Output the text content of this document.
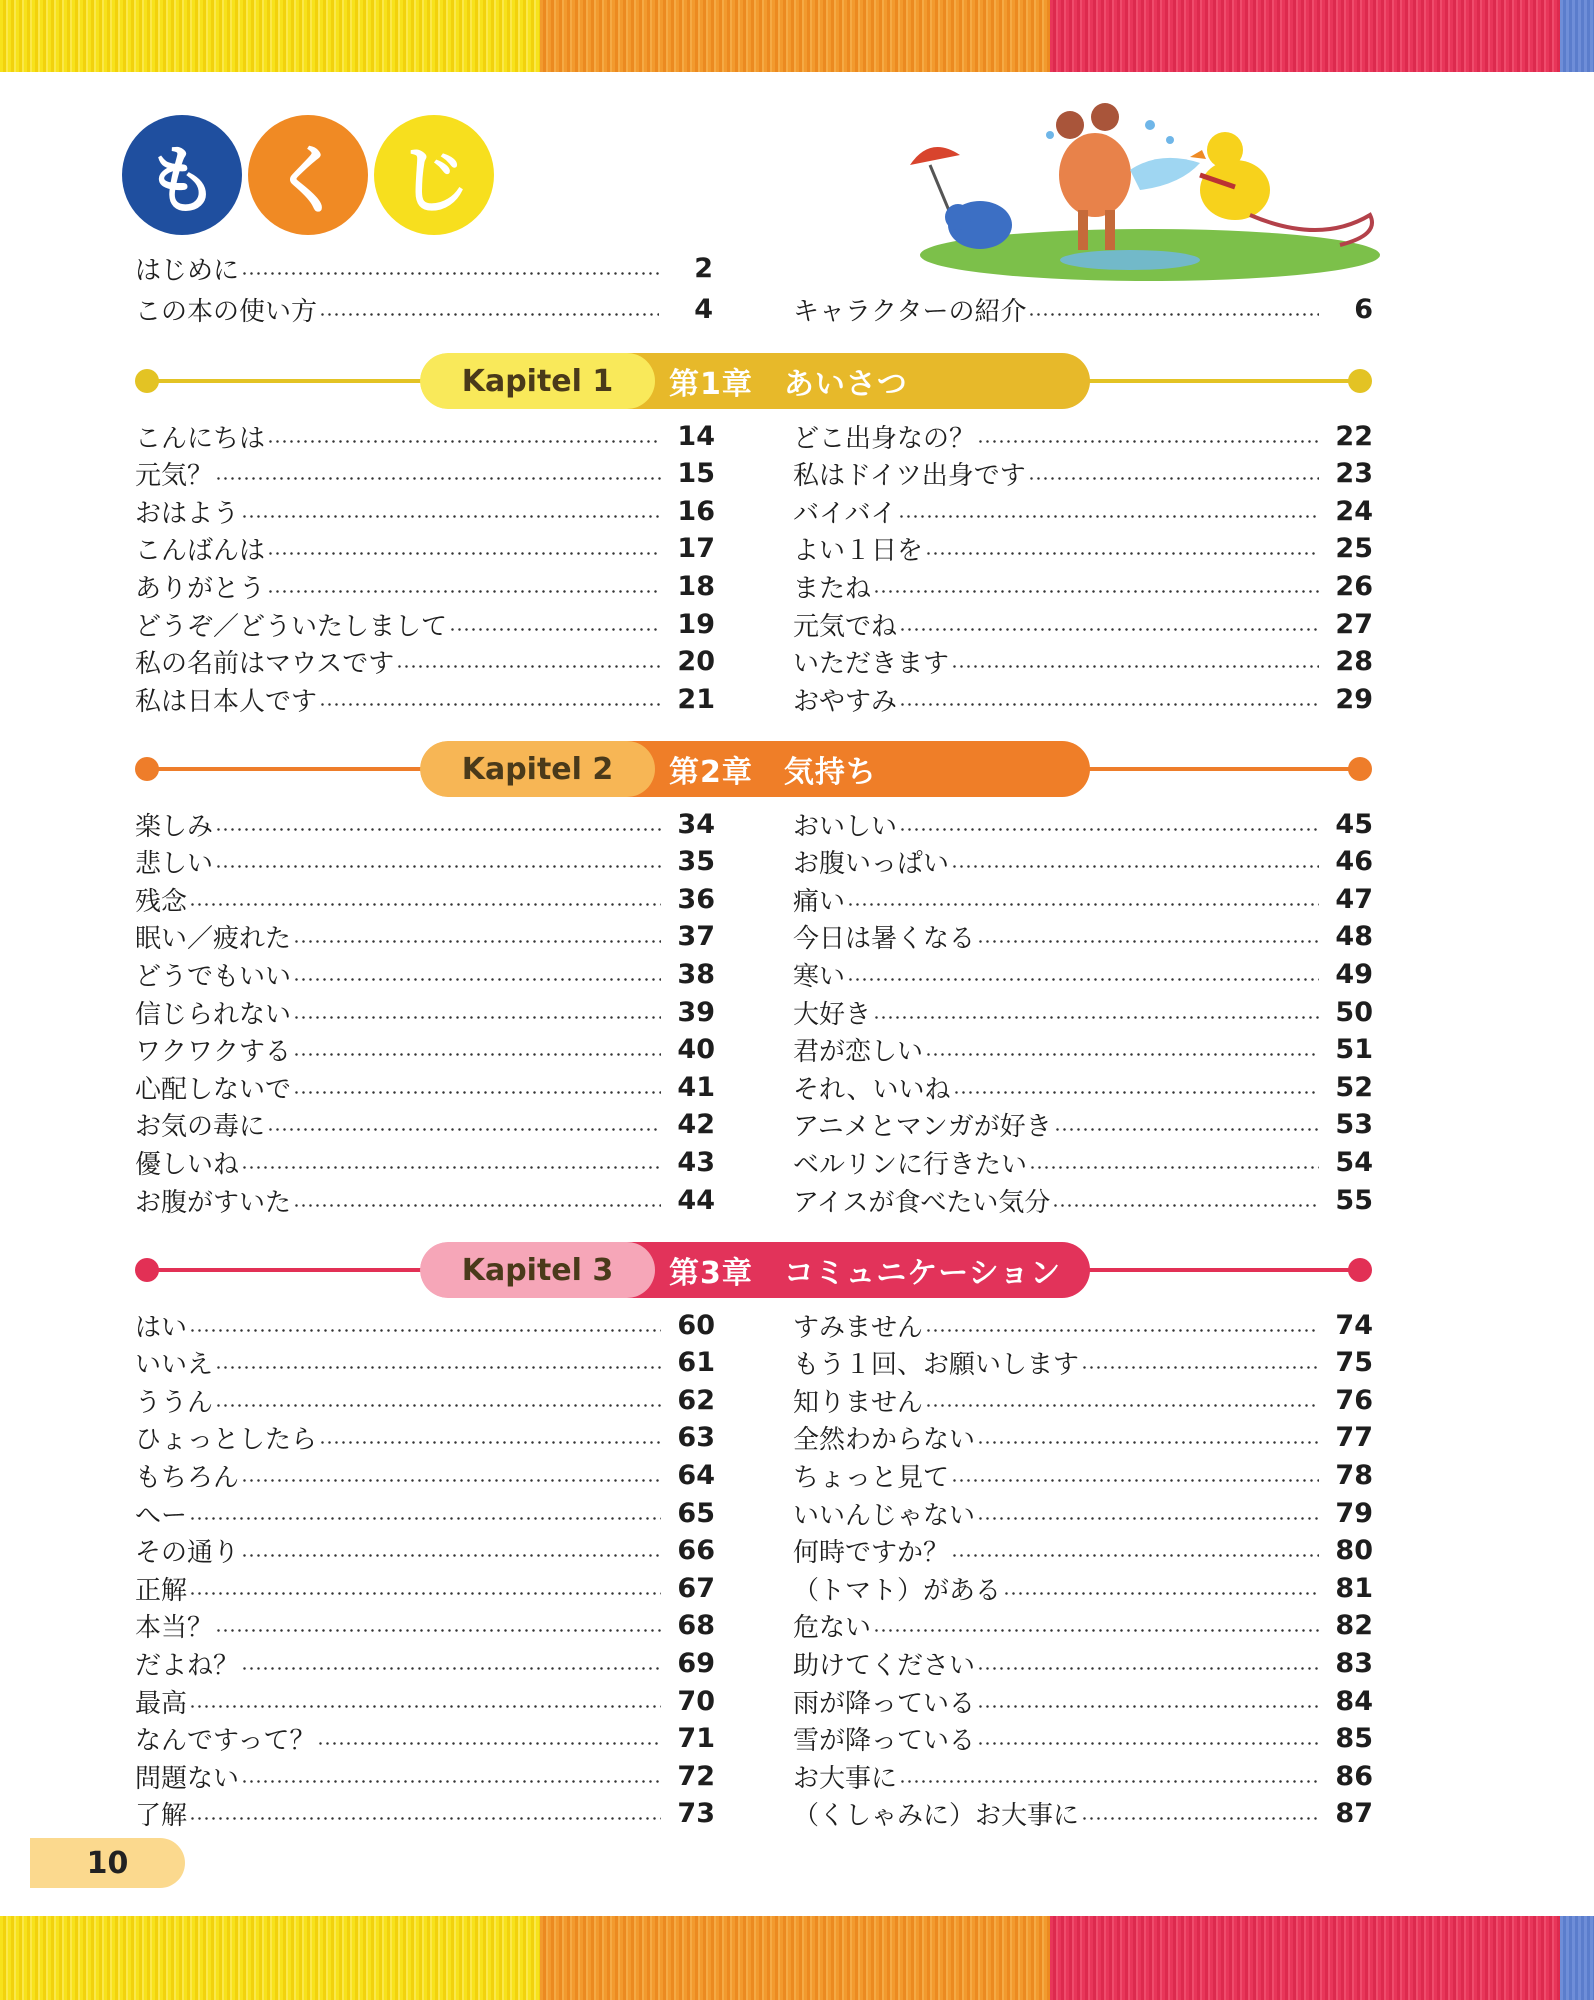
も く じ
はじめに	2
この本の使い方	4	キャラクターの紹介	6
Kapitel 1	第1章　あいさつ
こんにちは	14
元気？	15
おはよう	16
こんばんは	17
ありがとう	18
どうぞ／どういたしまして	19
私の名前はマウスです	20
私は日本人です	21
どこ出身なの？	22
私はドイツ出身です	23
バイバイ	24
よい１日を	25
またね	26
元気でね	27
いただきます	28
おやすみ	29
Kapitel 2	第2章　気持ち
楽しみ	34
悲しい	35
残念	36
眠い／疲れた	37
どうでもいい	38
信じられない	39
ワクワクする	40
心配しないで	41
お気の毒に	42
優しいね	43
お腹がすいた	44
おいしい	45
お腹いっぱい	46
痛い	47
今日は暑くなる	48
寒い	49
大好き	50
君が恋しい	51
それ、いいね	52
アニメとマンガが好き	53
ベルリンに行きたい	54
アイスが食べたい気分	55
Kapitel 3	第3章　コミュニケーション
はい	60
いいえ	61
ううん	62
ひょっとしたら	63
もちろん	64
へー	65
その通り	66
正解	67
本当？	68
だよね？	69
最高	70
なんですって？	71
問題ない	72
了解	73
すみません	74
もう１回、お願いします	75
知りません	76
全然わからない	77
ちょっと見て	78
いいんじゃない	79
何時ですか？	80
（トマト）がある	81
危ない	82
助けてください	83
雨が降っている	84
雪が降っている	85
お大事に	86
（くしゃみに）お大事に	87
10
